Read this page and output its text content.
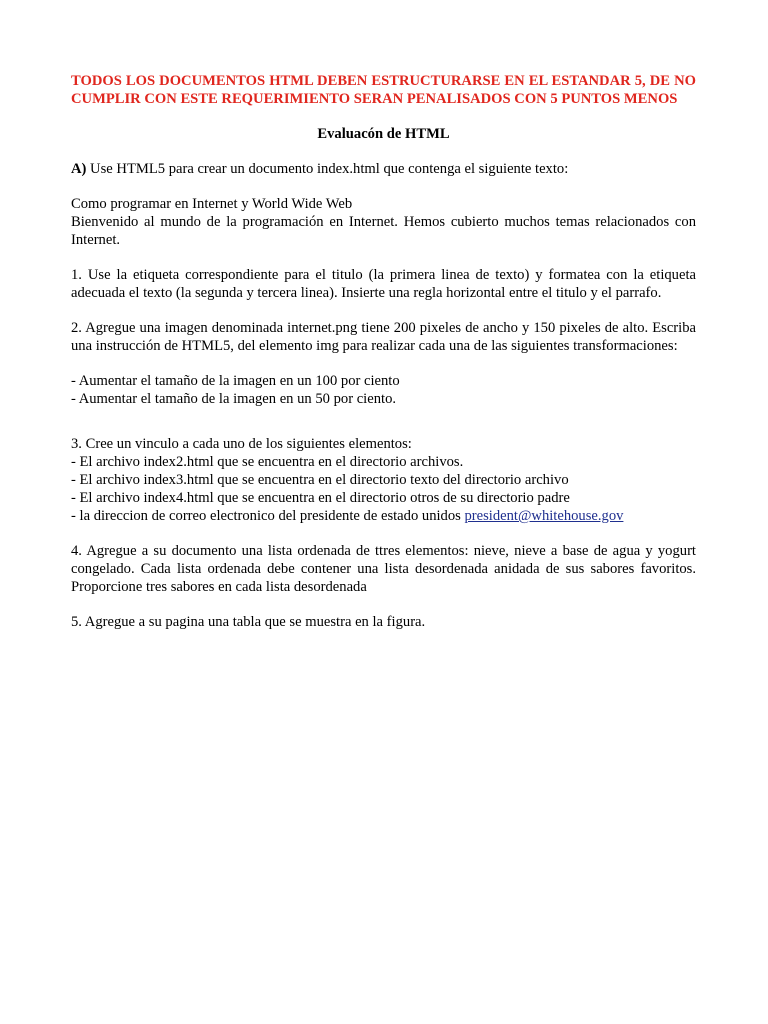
TODOS LOS DOCUMENTOS HTML DEBEN ESTRUCTURARSE EN EL ESTANDAR 5, DE NO CUMPLIR CON ESTE REQUERIMIENTO SERAN PENALISADOS CON 5 PUNTOS MENOS

Evaluacón de HTML

A) Use HTML5 para crear un documento index.html que contenga el siguiente texto:

Como programar en Internet y World Wide Web
Bienvenido al mundo de la programación en Internet. Hemos cubierto muchos temas relacionados con Internet.

1. Use la etiqueta correspondiente para el titulo (la primera linea de texto) y formatea con la etiqueta adecuada el texto (la segunda y tercera linea). Insierte una regla horizontal entre el titulo y el parrafo.

2. Agregue una imagen denominada internet.png tiene 200 pixeles de ancho y 150 pixeles de alto. Escriba una instrucción de HTML5, del elemento img para realizar cada una de las siguientes transformaciones:

- Aumentar el tamaño de la imagen en un 100 por ciento
- Aumentar el tamaño de la imagen en un 50 por ciento.

3. Cree un vinculo a cada uno de los siguientes elementos:
- El archivo index2.html que se encuentra en el directorio archivos.
- El archivo index3.html que se encuentra en el directorio texto del directorio archivo
- El archivo index4.html que se encuentra en el directorio otros de su directorio padre
- la direccion de correo electronico del presidente de estado unidos president@whitehouse.gov

4. Agregue a su documento una lista ordenada de ttres elementos: nieve, nieve a base de agua y yogurt congelado. Cada lista ordenada debe contener una lista desordenada anidada de sus sabores favoritos. Proporcione tres sabores en cada lista desordenada

5. Agregue a su pagina una tabla que se muestra en la figura.
